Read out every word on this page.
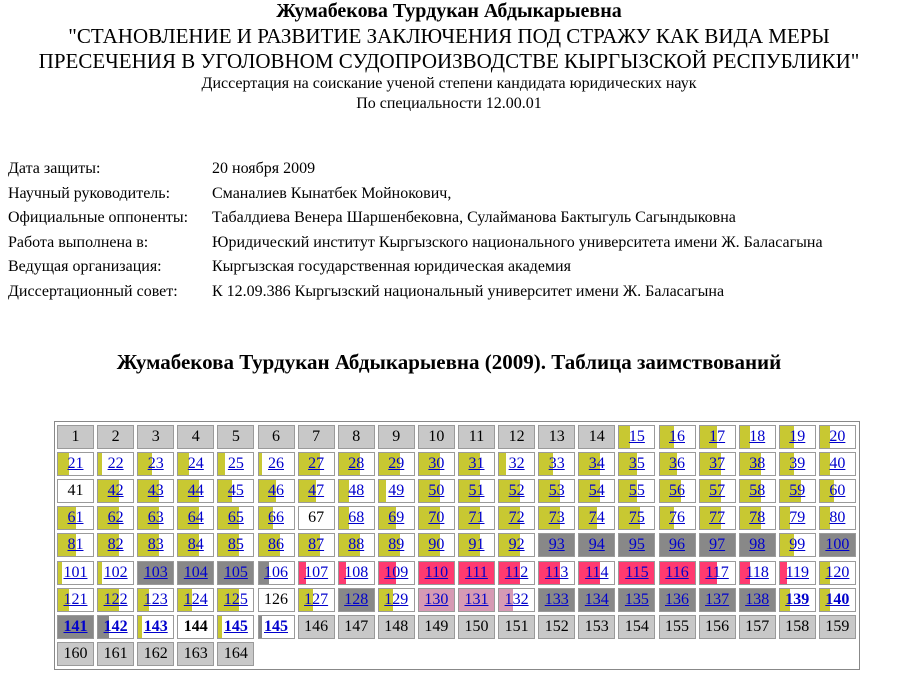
Жумабекова Турдукан Абдыкарыевна
"СТАНОВЛЕНИЕ И РАЗВИТИЕ ЗАКЛЮЧЕНИЯ ПОД СТРАЖУ КАК ВИДА МЕРЫ
ПРЕСЕЧЕНИЯ В УГОЛОВНОМ СУДОПРОИЗВОДСТВЕ КЫРГЫЗСКОЙ РЕСПУБЛИКИ"
Диссертация на соискание ученой степени кандидата юридических наук
По специальности 12.00.01
Дата защиты:	20 ноября 2009
Научный руководитель:	Сманалиев Кынатбек Мойнокович,
Официальные оппоненты:	Табалдиева Венера Шаршенбековна, Сулайманова Бактыгуль Сагындыковна
Работа выполнена в:	Юридический институт Кыргызского национального университета имени Ж. Баласагына
Ведущая организация:	Кыргызская государственная юридическая академия
Диссертационный совет:	К 12.09.386 Кыргызский национальный университет имени Ж. Баласагына
Жумабекова Турдукан Абдыкарыевна (2009). Таблица заимствований
1	2	3	4	5	6	7	8	9	10	11	12	13	14	15	16	17	18	19	20
21	22	23	24	25	26	27	28	29	30	31	32	33	34	35	36	37	38	39	40
41	42	43	44	45	46	47	48	49	50	51	52	53	54	55	56	57	58	59	60
61	62	63	64	65	66	67	68	69	70	71	72	73	74	75	76	77	78	79	80
81	82	83	84	85	86	87	88	89	90	91	92	93	94	95	96	97	98	99	100
101	102	103	104	105	106	107	108	109	110	111	112	113	114	115	116	117	118	119	120
121	122	123	124	125	126	127	128	129	130	131	132	133	134	135	136	137	138	139	140
141	142	143	144	145	145	146	147	148	149	150	151	152	153	154	155	156	157	158	159
160	161	162	163	164
